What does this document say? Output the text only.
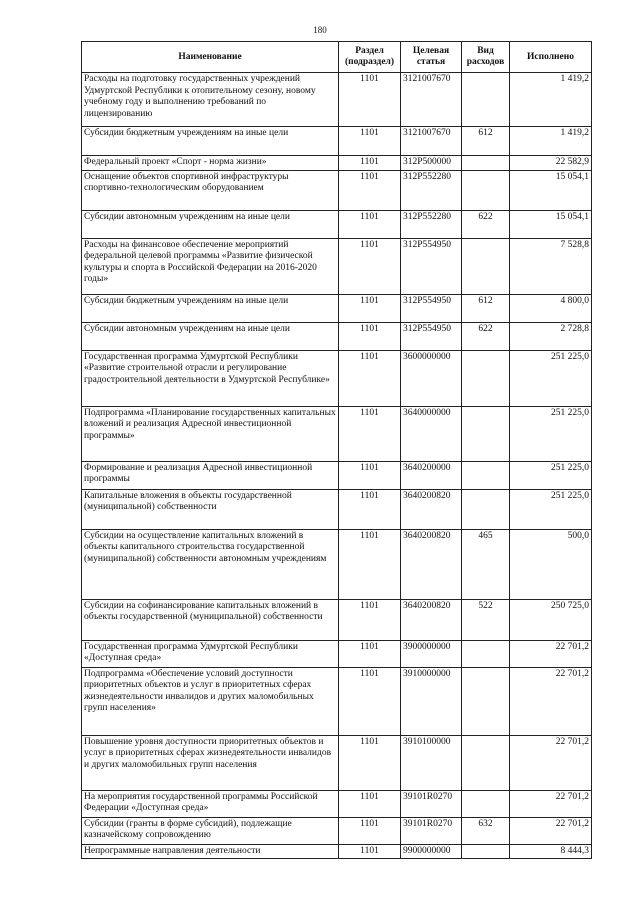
180
Наименование	Раздел (подраздел)	Целевая статья	Вид расходов	Исполнено
Расходы на подготовку государственных учреждений Удмуртской Республики к отопительному сезону, новому учебному году и выполнению требований по лицензированию	1101	3121007670		1 419,2
Субсидии бюджетным учреждениям на иные цели	1101	3121007670	612	1 419,2
Федеральный проект «Спорт - норма жизни»	1101	312P500000		22 582,9
Оснащение объектов спортивной инфраструктуры спортивно-технологическим оборудованием	1101	312P552280		15 054,1
Субсидии автономным учреждениям на иные цели	1101	312P552280	622	15 054,1
Расходы на финансовое обеспечение мероприятий федеральной целевой программы «Развитие физической культуры и спорта в Российской Федерации на 2016-2020 годы»	1101	312P554950		7 528,8
Субсидии бюджетным учреждениям на иные цели	1101	312P554950	612	4 800,0
Субсидии автономным учреждениям на иные цели	1101	312P554950	622	2 728,8
Государственная программа Удмуртской Республики «Развитие строительной отрасли и регулирование градостроительной деятельности в Удмуртской Республике»	1101	3600000000		251 225,0
Подпрограмма «Планирование государственных капитальных вложений и реализация Адресной инвестиционной программы»	1101	3640000000		251 225,0
Формирование и реализация Адресной инвестиционной программы	1101	3640200000		251 225,0
Капитальные вложения в объекты государственной (муниципальной) собственности	1101	3640200820		251 225,0
Субсидии на осуществление капитальных вложений в объекты капитального строительства государственной (муниципальной) собственности автономным учреждениям	1101	3640200820	465	500,0
Субсидии на софинансирование капитальных вложений в объекты государственной (муниципальной) собственности	1101	3640200820	522	250 725,0
Государственная программа Удмуртской Республики «Доступная среда»	1101	3900000000		22 701,2
Подпрограмма «Обеспечение условий доступности приоритетных объектов и услуг в приоритетных сферах жизнедеятельности инвалидов и других маломобильных групп населения»	1101	3910000000		22 701,2
Повышение уровня доступности приоритетных объектов и услуг в приоритетных сферах жизнедеятельности инвалидов и других маломобильных групп населения	1101	3910100000		22 701,2
На мероприятия государственной программы Российской Федерации «Доступная среда»	1101	39101R0270		22 701,2
Субсидии (гранты в форме субсидий), подлежащие казначейскому сопровождению	1101	39101R0270	632	22 701,2
Непрограммные направления деятельности	1101	9900000000		8 444,3
